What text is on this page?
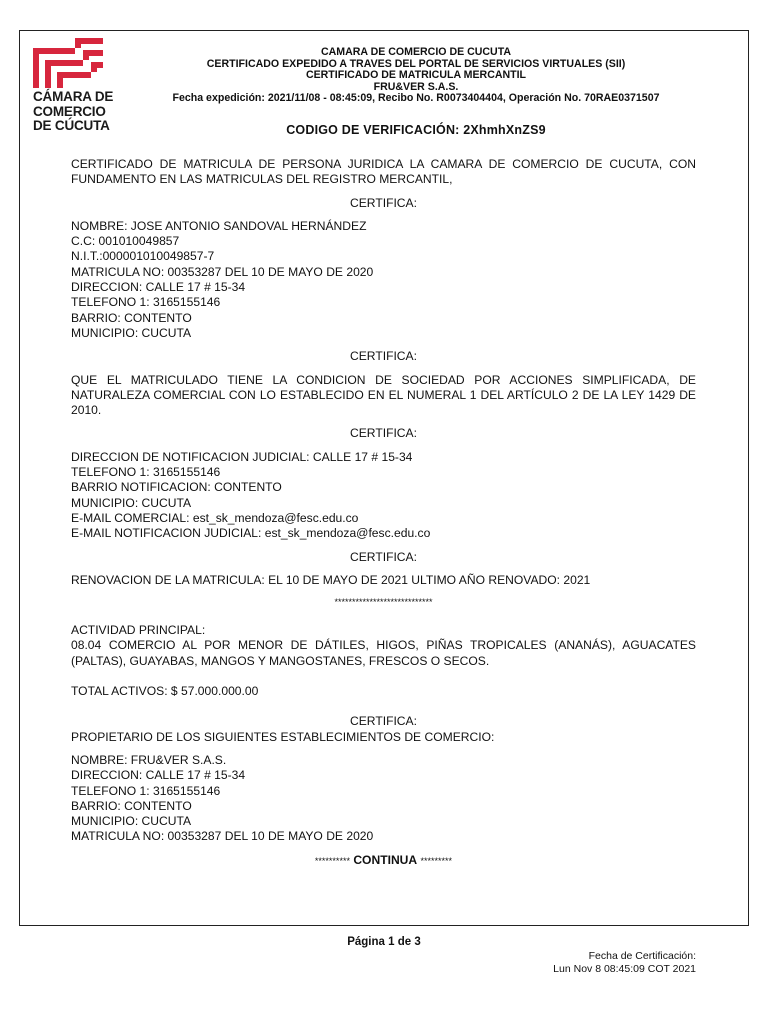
CÁMARA DE
COMERCIO
DE CÚCUTA
CAMARA DE COMERCIO DE CUCUTA
CERTIFICADO EXPEDIDO A TRAVES DEL PORTAL DE SERVICIOS VIRTUALES (SII)
CERTIFICADO DE MATRICULA MERCANTIL
FRU&VER S.A.S.
Fecha expedición: 2021/11/08 - 08:45:09, Recibo No. R0073404404, Operación No. 70RAE0371507
CODIGO DE VERIFICACIÓN: 2XhmhXnZS9

CERTIFICADO DE MATRICULA DE PERSONA JURIDICA LA CAMARA DE COMERCIO DE CUCUTA, CON FUNDAMENTO EN LAS MATRICULAS DEL REGISTRO MERCANTIL,

CERTIFICA:

NOMBRE: JOSE ANTONIO SANDOVAL HERNÁNDEZ
C.C: 001010049857
N.I.T.:000001010049857-7
MATRICULA NO: 00353287 DEL 10 DE MAYO DE 2020
DIRECCION: CALLE 17 # 15-34
TELEFONO 1: 3165155146
BARRIO: CONTENTO
MUNICIPIO: CUCUTA

CERTIFICA:

QUE EL MATRICULADO TIENE LA CONDICION DE SOCIEDAD POR ACCIONES SIMPLIFICADA, DE NATURALEZA COMERCIAL CON LO ESTABLECIDO EN EL NUMERAL 1 DEL ARTÍCULO 2 DE LA LEY 1429 DE 2010.

CERTIFICA:

DIRECCION DE NOTIFICACION JUDICIAL: CALLE 17 # 15-34
TELEFONO 1: 3165155146
BARRIO NOTIFICACION: CONTENTO
MUNICIPIO: CUCUTA
E-MAIL COMERCIAL: est_sk_mendoza@fesc.edu.co
E-MAIL NOTIFICACION JUDICIAL: est_sk_mendoza@fesc.edu.co

CERTIFICA:

RENOVACION DE LA MATRICULA: EL 10 DE MAYO DE 2021 ULTIMO AÑO RENOVADO: 2021

****************************

ACTIVIDAD PRINCIPAL:

08.04 COMERCIO AL POR MENOR DE DÁTILES, HIGOS, PIÑAS TROPICALES (ANANÁS), AGUACATES (PALTAS), GUAYABAS, MANGOS Y MANGOSTANES, FRESCOS O SECOS.

TOTAL ACTIVOS: $ 57.000.000.00

CERTIFICA:

PROPIETARIO DE LOS SIGUIENTES ESTABLECIMIENTOS DE COMERCIO:

NOMBRE: FRU&VER S.A.S.
DIRECCION: CALLE 17 # 15-34
TELEFONO 1: 3165155146
BARRIO: CONTENTO
MUNICIPIO: CUCUTA
MATRICULA NO: 00353287 DEL 10 DE MAYO DE 2020

********** CONTINUA *********

Página 1 de 3
Fecha de Certificación:
Lun Nov 8 08:45:09 COT 2021
